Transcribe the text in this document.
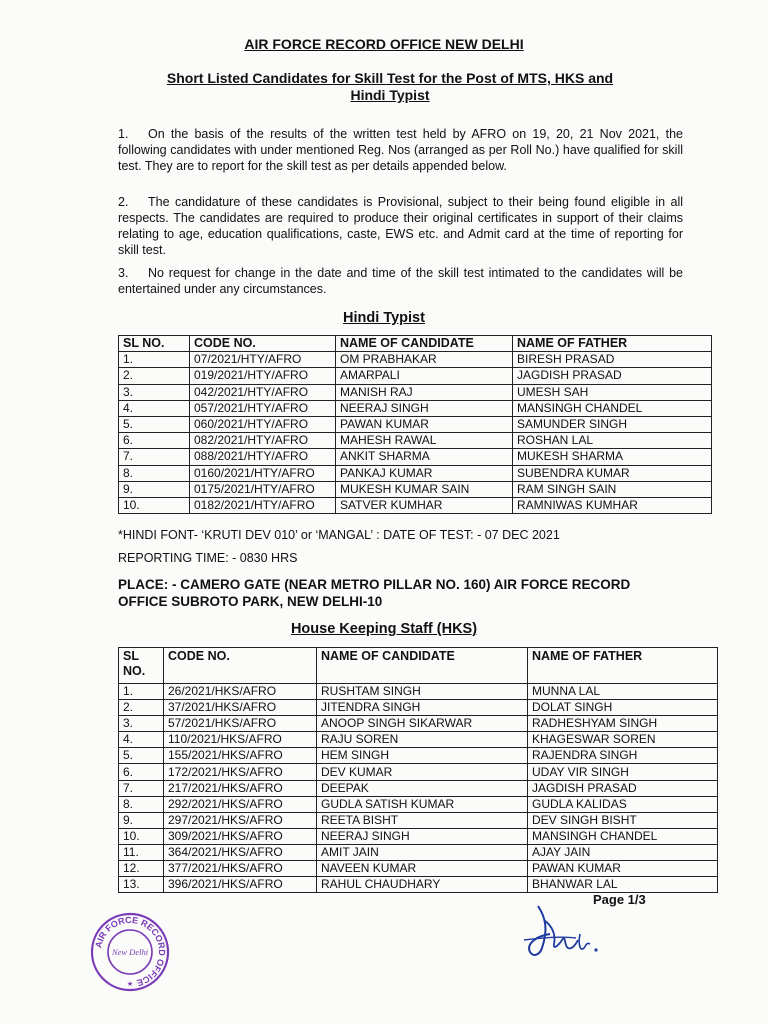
AIR FORCE RECORD OFFICE NEW DELHI
Short Listed Candidates for Skill Test for the Post of MTS, HKS and
Hindi Typist
1. On the basis of the results of the written test held by AFRO on 19, 20, 21 Nov 2021, the following candidates with under mentioned Reg. Nos (arranged as per Roll No.) have qualified for skill test. They are to report for the skill test as per details appended below.
2. The candidature of these candidates is Provisional, subject to their being found eligible in all respects. The candidates are required to produce their original certificates in support of their claims relating to age, education qualifications, caste, EWS etc. and Admit card at the time of reporting for skill test.
3. No request for change in the date and time of the skill test intimated to the candidates will be entertained under any circumstances.
Hindi Typist
SL NO.	CODE NO.	NAME OF CANDIDATE	NAME OF FATHER
1.	07/2021/HTY/AFRO	OM PRABHAKAR	BIRESH PRASAD
2.	019/2021/HTY/AFRO	AMARPALI	JAGDISH PRASAD
3.	042/2021/HTY/AFRO	MANISH RAJ	UMESH SAH
4.	057/2021/HTY/AFRO	NEERAJ SINGH	MANSINGH CHANDEL
5.	060/2021/HTY/AFRO	PAWAN KUMAR	SAMUNDER SINGH
6.	082/2021/HTY/AFRO	MAHESH RAWAL	ROSHAN LAL
7.	088/2021/HTY/AFRO	ANKIT SHARMA	MUKESH SHARMA
8.	0160/2021/HTY/AFRO	PANKAJ KUMAR	SUBENDRA KUMAR
9.	0175/2021/HTY/AFRO	MUKESH KUMAR SAIN	RAM SINGH SAIN
10.	0182/2021/HTY/AFRO	SATVER KUMHAR	RAMNIWAS KUMHAR
*HINDI FONT- ‘KRUTI DEV 010’ or ‘MANGAL’ : DATE OF TEST: - 07 DEC 2021
REPORTING TIME: - 0830 HRS
PLACE: - CAMERO GATE (NEAR METRO PILLAR NO. 160) AIR FORCE RECORD OFFICE SUBROTO PARK, NEW DELHI-10
House Keeping Staff (HKS)
SL NO.	CODE NO.	NAME OF CANDIDATE	NAME OF FATHER
1.	26/2021/HKS/AFRO	RUSHTAM SINGH	MUNNA LAL
2.	37/2021/HKS/AFRO	JITENDRA SINGH	DOLAT SINGH
3.	57/2021/HKS/AFRO	ANOOP SINGH SIKARWAR	RADHESHYAM SINGH
4.	110/2021/HKS/AFRO	RAJU SOREN	KHAGESWAR SOREN
5.	155/2021/HKS/AFRO	HEM SINGH	RAJENDRA SINGH
6.	172/2021/HKS/AFRO	DEV KUMAR	UDAY VIR SINGH
7.	217/2021/HKS/AFRO	DEEPAK	JAGDISH PRASAD
8.	292/2021/HKS/AFRO	GUDLA SATISH KUMAR	GUDLA KALIDAS
9.	297/2021/HKS/AFRO	REETA BISHT	DEV SINGH BISHT
10.	309/2021/HKS/AFRO	NEERAJ SINGH	MANSINGH CHANDEL
11.	364/2021/HKS/AFRO	AMIT JAIN	AJAY JAIN
12.	377/2021/HKS/AFRO	NAVEEN KUMAR	PAWAN KUMAR
13.	396/2021/HKS/AFRO	RAHUL CHAUDHARY	BHANWAR LAL
Page 1/3
AIR FORCE RECORD OFFICE
New Delhi
★
